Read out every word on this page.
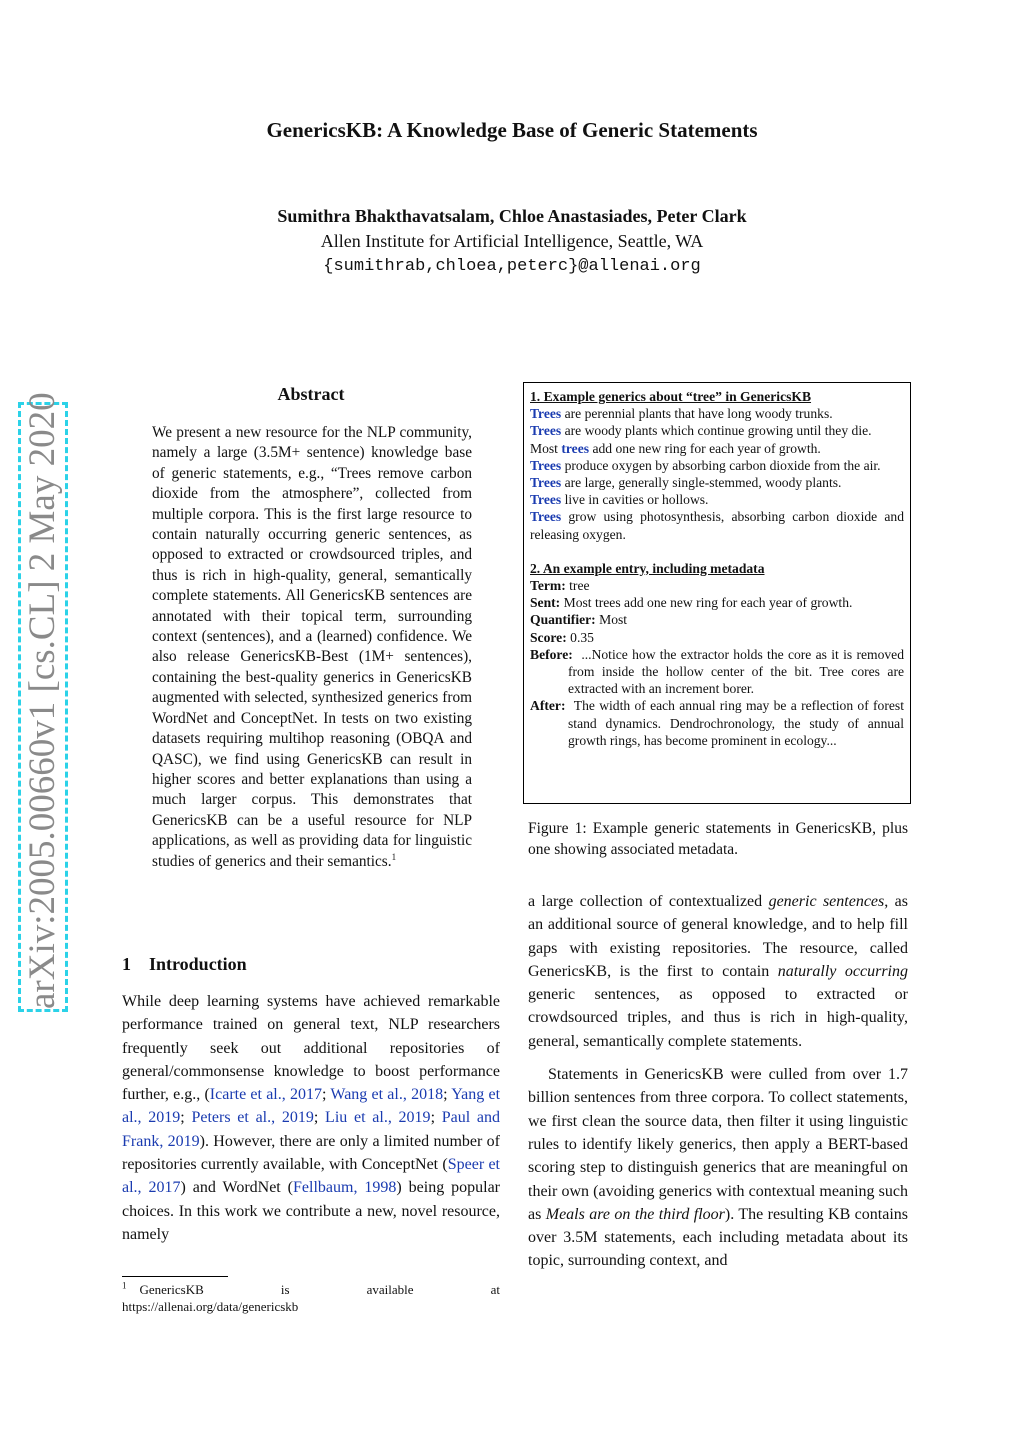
arXiv:2005.00660v1 [cs.CL] 2 May 2020
GenericsKB: A Knowledge Base of Generic Statements
Sumithra Bhakthavatsalam, Chloe Anastasiades, Peter Clark
Allen Institute for Artificial Intelligence, Seattle, WA
{sumithrab,chloea,peterc}@allenai.org
Abstract
We present a new resource for the NLP community, namely a large (3.5M+ sentence) knowledge base of generic statements, e.g., “Trees remove carbon dioxide from the atmosphere”, collected from multiple corpora. This is the first large resource to contain naturally occurring generic sentences, as opposed to extracted or crowdsourced triples, and thus is rich in high-quality, general, semantically complete statements. All GenericsKB sentences are annotated with their topical term, surrounding context (sentences), and a (learned) confidence. We also release GenericsKB-Best (1M+ sentences), containing the best-quality generics in GenericsKB augmented with selected, synthesized generics from WordNet and ConceptNet. In tests on two existing datasets requiring multihop reasoning (OBQA and QASC), we find using GenericsKB can result in higher scores and better explanations than using a much larger corpus. This demonstrates that GenericsKB can be a useful resource for NLP applications, as well as providing data for linguistic studies of generics and their semantics.$^1$
1 Introduction
While deep learning systems have achieved remarkable performance trained on general text, NLP researchers frequently seek out additional repositories of general/commonsense knowledge to boost performance further, e.g., (Icarte et al., 2017; Wang et al., 2018; Yang et al., 2019; Peters et al., 2019; Liu et al., 2019; Paul and Frank, 2019). However, there are only a limited number of repositories currently available, with ConceptNet (Speer et al., 2017) and WordNet (Fellbaum, 1998) being popular choices. In this work we contribute a new, novel resource, namely
$^1$ GenericsKB	is	available	at
https://allenai.org/data/genericskb
1. Example generics about “tree” in GenericsKB
Trees are perennial plants that have long woody trunks.
Trees are woody plants which continue growing until they die.
Most trees add one new ring for each year of growth.
Trees produce oxygen by absorbing carbon dioxide from the air.
Trees are large, generally single-stemmed, woody plants.
Trees live in cavities or hollows.
Trees grow using photosynthesis, absorbing carbon dioxide and releasing oxygen.
2. An example entry, including metadata
Term: tree
Sent: Most trees add one new ring for each year of growth.
Quantifier: Most
Score: 0.35
Before: ...Notice how the extractor holds the core as it is removed from inside the hollow center of the bit. Tree cores are extracted with an increment borer.
After: The width of each annual ring may be a reflection of forest stand dynamics. Dendrochronology, the study of annual growth rings, has become prominent in ecology...
Figure 1: Example generic statements in GenericsKB, plus one showing associated metadata.

a large collection of contextualized generic sentences, as an additional source of general knowledge, and to help fill gaps with existing repositories. The resource, called GenericsKB, is the first to contain naturally occurring generic sentences, as opposed to extracted or crowdsourced triples, and thus is rich in high-quality, general, semantically complete statements.

Statements in GenericsKB were culled from over 1.7 billion sentences from three corpora. To collect statements, we first clean the source data, then filter it using linguistic rules to identify likely generics, then apply a BERT-based scoring step to distinguish generics that are meaningful on their own (avoiding generics with contextual meaning such as Meals are on the third floor). The resulting KB contains over 3.5M statements, each including metadata about its topic, surrounding context, and
